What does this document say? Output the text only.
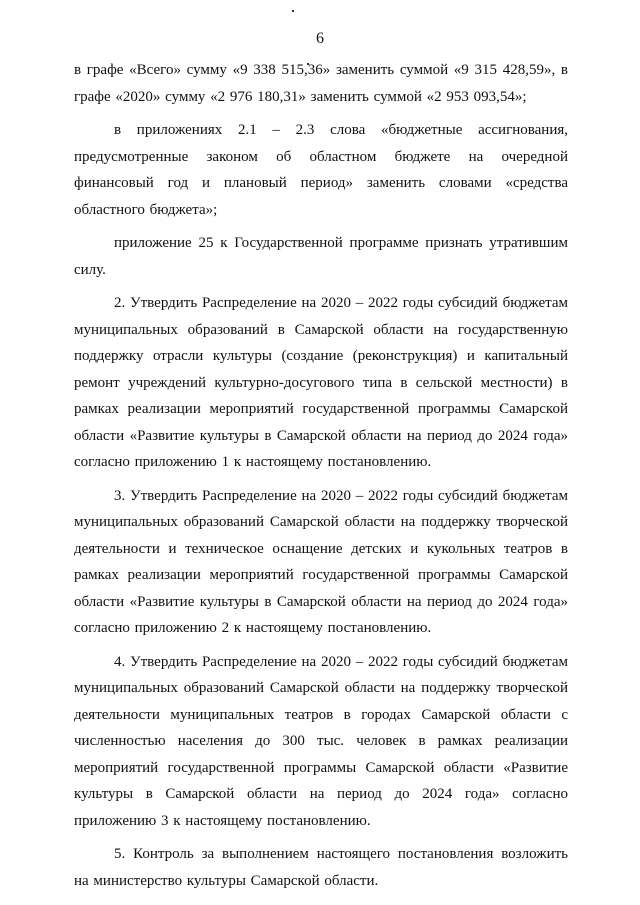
6

в графе «Всего» сумму «9 338 515,36» заменить суммой «9 315 428,59», в графе «2020» сумму «2 976 180,31» заменить суммой «2 953 093,54»;

в приложениях 2.1 – 2.3 слова «бюджетные ассигнования, предусмотренные законом об областном бюджете на очередной финансовый год и плановый период» заменить словами «средства областного бюджета»;

приложение 25 к Государственной программе признать утратившим силу.

2. Утвердить Распределение на 2020 – 2022 годы субсидий бюджетам муниципальных образований в Самарской области на государственную поддержку отрасли культуры (создание (реконструкция) и капитальный ремонт учреждений культурно-досугового типа в сельской местности) в рамках реализации мероприятий государственной программы Самарской области «Развитие культуры в Самарской области на период до 2024 года» согласно приложению 1 к настоящему постановлению.

3. Утвердить Распределение на 2020 – 2022 годы субсидий бюджетам муниципальных образований Самарской области на поддержку творческой деятельности и техническое оснащение детских и кукольных театров в рамках реализации мероприятий государственной программы Самарской области «Развитие культуры в Самарской области на период до 2024 года» согласно приложению 2 к настоящему постановлению.

4. Утвердить Распределение на 2020 – 2022 годы субсидий бюджетам муниципальных образований Самарской области на поддержку творческой деятельности муниципальных театров в городах Самарской области с численностью населения до 300 тыс. человек в рамках реализации мероприятий государственной программы Самарской области «Развитие культуры в Самарской области на период до 2024 года» согласно приложению 3 к настоящему постановлению.

5. Контроль за выполнением настоящего постановления возложить на министерство культуры Самарской области.
